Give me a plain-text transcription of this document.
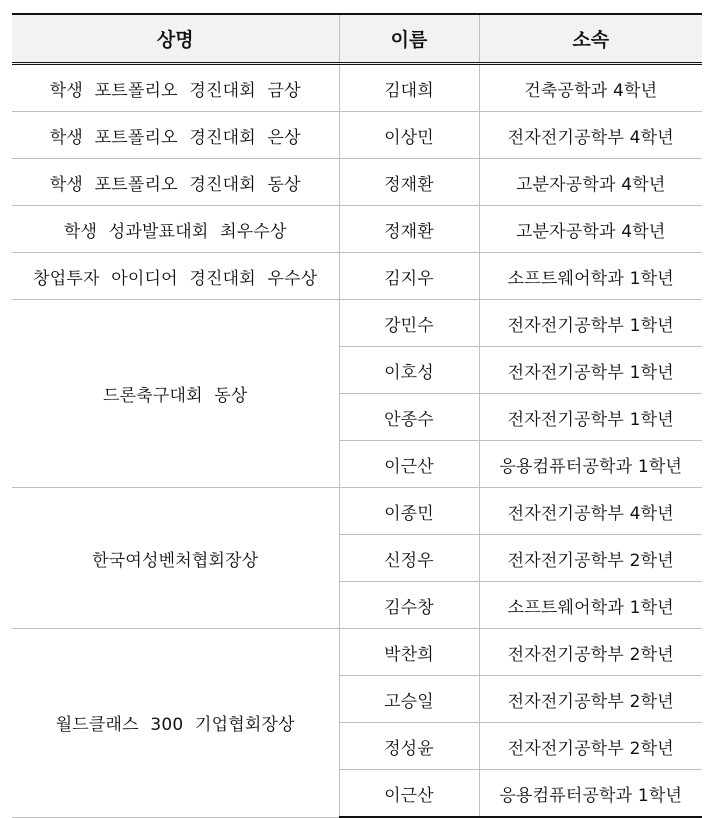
상명	이름	소속
학생 포트폴리오 경진대회 금상	김대희	건축공학과 4학년
학생 포트폴리오 경진대회 은상	이상민	전자전기공학부 4학년
학생 포트폴리오 경진대회 동상	정재환	고분자공학과 4학년
학생 성과발표대회 최우수상	정재환	고분자공학과 4학년
창업투자 아이디어 경진대회 우수상	김지우	소프트웨어학과 1학년
드론축구대회 동상	강민수	전자전기공학부 1학년
	이호성	전자전기공학부 1학년
	안종수	전자전기공학부 1학년
	이근산	응용컴퓨터공학과 1학년
한국여성벤처협회장상	이종민	전자전기공학부 4학년
	신정우	전자전기공학부 2학년
	김수창	소프트웨어학과 1학년
월드클래스 300 기업협회장상	박찬희	전자전기공학부 2학년
	고승일	전자전기공학부 2학년
	정성윤	전자전기공학부 2학년
	이근산	응용컴퓨터공학과 1학년
